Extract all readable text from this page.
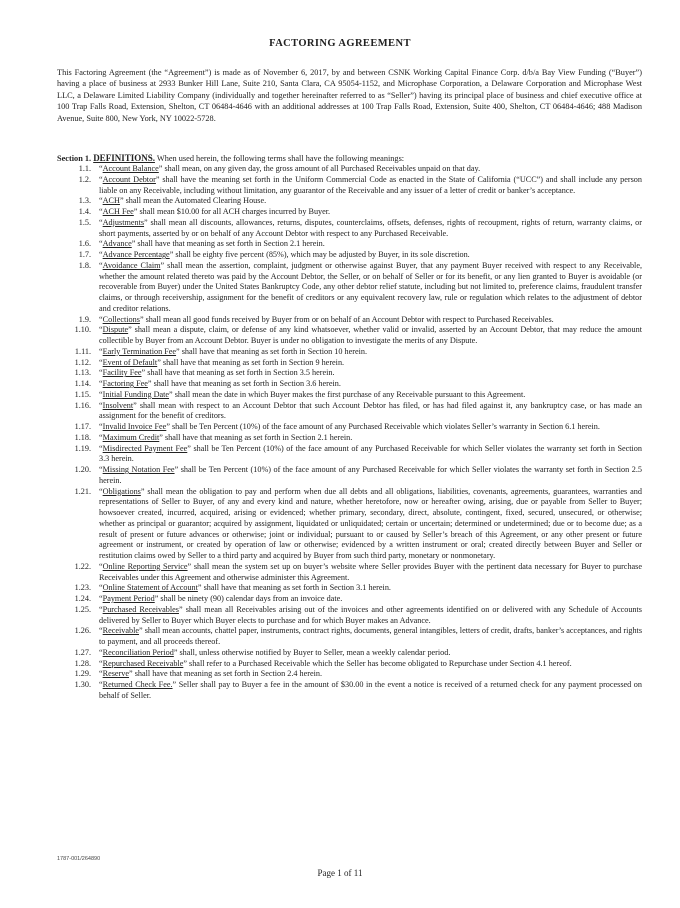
FACTORING AGREEMENT
This Factoring Agreement (the “Agreement”) is made as of November 6, 2017, by and between CSNK Working Capital Finance Corp. d/b/a Bay View Funding (“Buyer”) having a place of business at 2933 Bunker Hill Lane, Suite 210, Santa Clara, CA 95054-1152, and Microphase Corporation, a Delaware Corporation and Microphase West LLC, a Delaware Limited Liability Company (individually and together hereinafter referred to as “Seller”) having its principal place of business and chief executive office at 100 Trap Falls Road, Extension, Shelton, CT 06484-4646 with an additional addresses at 100 Trap Falls Road, Extension, Suite 400, Shelton, CT 06484-4646; 488 Madison Avenue, Suite 800, New York, NY 10022-5728.
Section 1. DEFINITIONS. When used herein, the following terms shall have the following meanings:
1.1. “Account Balance” shall mean, on any given day, the gross amount of all Purchased Receivables unpaid on that day.
1.2. “Account Debtor” shall have the meaning set forth in the Uniform Commercial Code as enacted in the State of California (“UCC”) and shall include any person liable on any Receivable, including without limitation, any guarantor of the Receivable and any issuer of a letter of credit or banker’s acceptance.
1.3. “ACH” shall mean the Automated Clearing House.
1.4. “ACH Fee” shall mean $10.00 for all ACH charges incurred by Buyer.
1.5. “Adjustments” shall mean all discounts, allowances, returns, disputes, counterclaims, offsets, defenses, rights of recoupment, rights of return, warranty claims, or short payments, asserted by or on behalf of any Account Debtor with respect to any Purchased Receivable.
1.6. “Advance” shall have that meaning as set forth in Section 2.1 herein.
1.7. “Advance Percentage” shall be eighty five percent (85%), which may be adjusted by Buyer, in its sole discretion.
1.8. “Avoidance Claim” shall mean the assertion, complaint, judgment or otherwise against Buyer, that any payment Buyer received with respect to any Receivable, whether the amount related thereto was paid by the Account Debtor, the Seller, or on behalf of Seller or for its benefit, or any lien granted to Buyer is avoidable (or recoverable from Buyer) under the United States Bankruptcy Code, any other debtor relief statute, including but not limited to, preference claims, fraudulent transfer claims, or through receivership, assignment for the benefit of creditors or any equivalent recovery law, rule or regulation which relates to the adjustment of debtor and creditor relations.
1.9. “Collections” shall mean all good funds received by Buyer from or on behalf of an Account Debtor with respect to Purchased Receivables.
1.10. “Dispute” shall mean a dispute, claim, or defense of any kind whatsoever, whether valid or invalid, asserted by an Account Debtor, that may reduce the amount collectible by Buyer from an Account Debtor. Buyer is under no obligation to investigate the merits of any Dispute.
1.11. “Early Termination Fee” shall have that meaning as set forth in Section 10 herein.
1.12. “Event of Default” shall have that meaning as set forth in Section 9 herein.
1.13. “Facility Fee” shall have that meaning as set forth in Section 3.5 herein.
1.14. “Factoring Fee” shall have that meaning as set forth in Section 3.6 herein.
1.15. “Initial Funding Date” shall mean the date in which Buyer makes the first purchase of any Receivable pursuant to this Agreement.
1.16. “Insolvent” shall mean with respect to an Account Debtor that such Account Debtor has filed, or has had filed against it, any bankruptcy case, or has made an assignment for the benefit of creditors.
1.17. “Invalid Invoice Fee” shall be Ten Percent (10%) of the face amount of any Purchased Receivable which violates Seller’s warranty in Section 6.1 herein.
1.18. “Maximum Credit” shall have that meaning as set forth in Section 2.1 herein.
1.19. “Misdirected Payment Fee” shall be Ten Percent (10%) of the face amount of any Purchased Receivable for which Seller violates the warranty set forth in Section 3.3 herein.
1.20. “Missing Notation Fee” shall be Ten Percent (10%) of the face amount of any Purchased Receivable for which Seller violates the warranty set forth in Section 2.5 herein.
1.21. “Obligations” shall mean the obligation to pay and perform when due all debts and all obligations, liabilities, covenants, agreements, guarantees, warranties and representations of Seller to Buyer, of any and every kind and nature, whether heretofore, now or hereafter owing, arising, due or payable from Seller to Buyer; howsoever created, incurred, acquired, arising or evidenced; whether primary, secondary, direct, absolute, contingent, fixed, secured, unsecured, or otherwise; whether as principal or guarantor; acquired by assignment, liquidated or unliquidated; certain or uncertain; determined or undetermined; due or to become due; as a result of present or future advances or otherwise; joint or individual; pursuant to or caused by Seller’s breach of this Agreement, or any other present or future agreement or instrument, or created by operation of law or otherwise; evidenced by a written instrument or oral; created directly between Buyer and Seller or restitution claims owed by Seller to a third party and acquired by Buyer from such third party, monetary or nonmonetary.
1.22. “Online Reporting Service” shall mean the system set up on buyer’s website where Seller provides Buyer with the pertinent data necessary for Buyer to purchase Receivables under this Agreement and otherwise administer this Agreement.
1.23. “Online Statement of Account” shall have that meaning as set forth in Section 3.1 herein.
1.24. “Payment Period” shall be ninety (90) calendar days from an invoice date.
1.25. “Purchased Receivables” shall mean all Receivables arising out of the invoices and other agreements identified on or delivered with any Schedule of Accounts delivered by Seller to Buyer which Buyer elects to purchase and for which Buyer makes an Advance.
1.26. “Receivable” shall mean accounts, chattel paper, instruments, contract rights, documents, general intangibles, letters of credit, drafts, banker’s acceptances, and rights to payment, and all proceeds thereof.
1.27. “Reconciliation Period” shall, unless otherwise notified by Buyer to Seller, mean a weekly calendar period.
1.28. “Repurchased Receivable” shall refer to a Purchased Receivable which the Seller has become obligated to Repurchase under Section 4.1 hereof.
1.29. “Reserve” shall have that meaning as set forth in Section 2.4 herein.
1.30. “Returned Check Fee.” Seller shall pay to Buyer a fee in the amount of $30.00 in the event a notice is received of a returned check for any payment processed on behalf of Seller.
1787-001/264890
Page 1 of 11
